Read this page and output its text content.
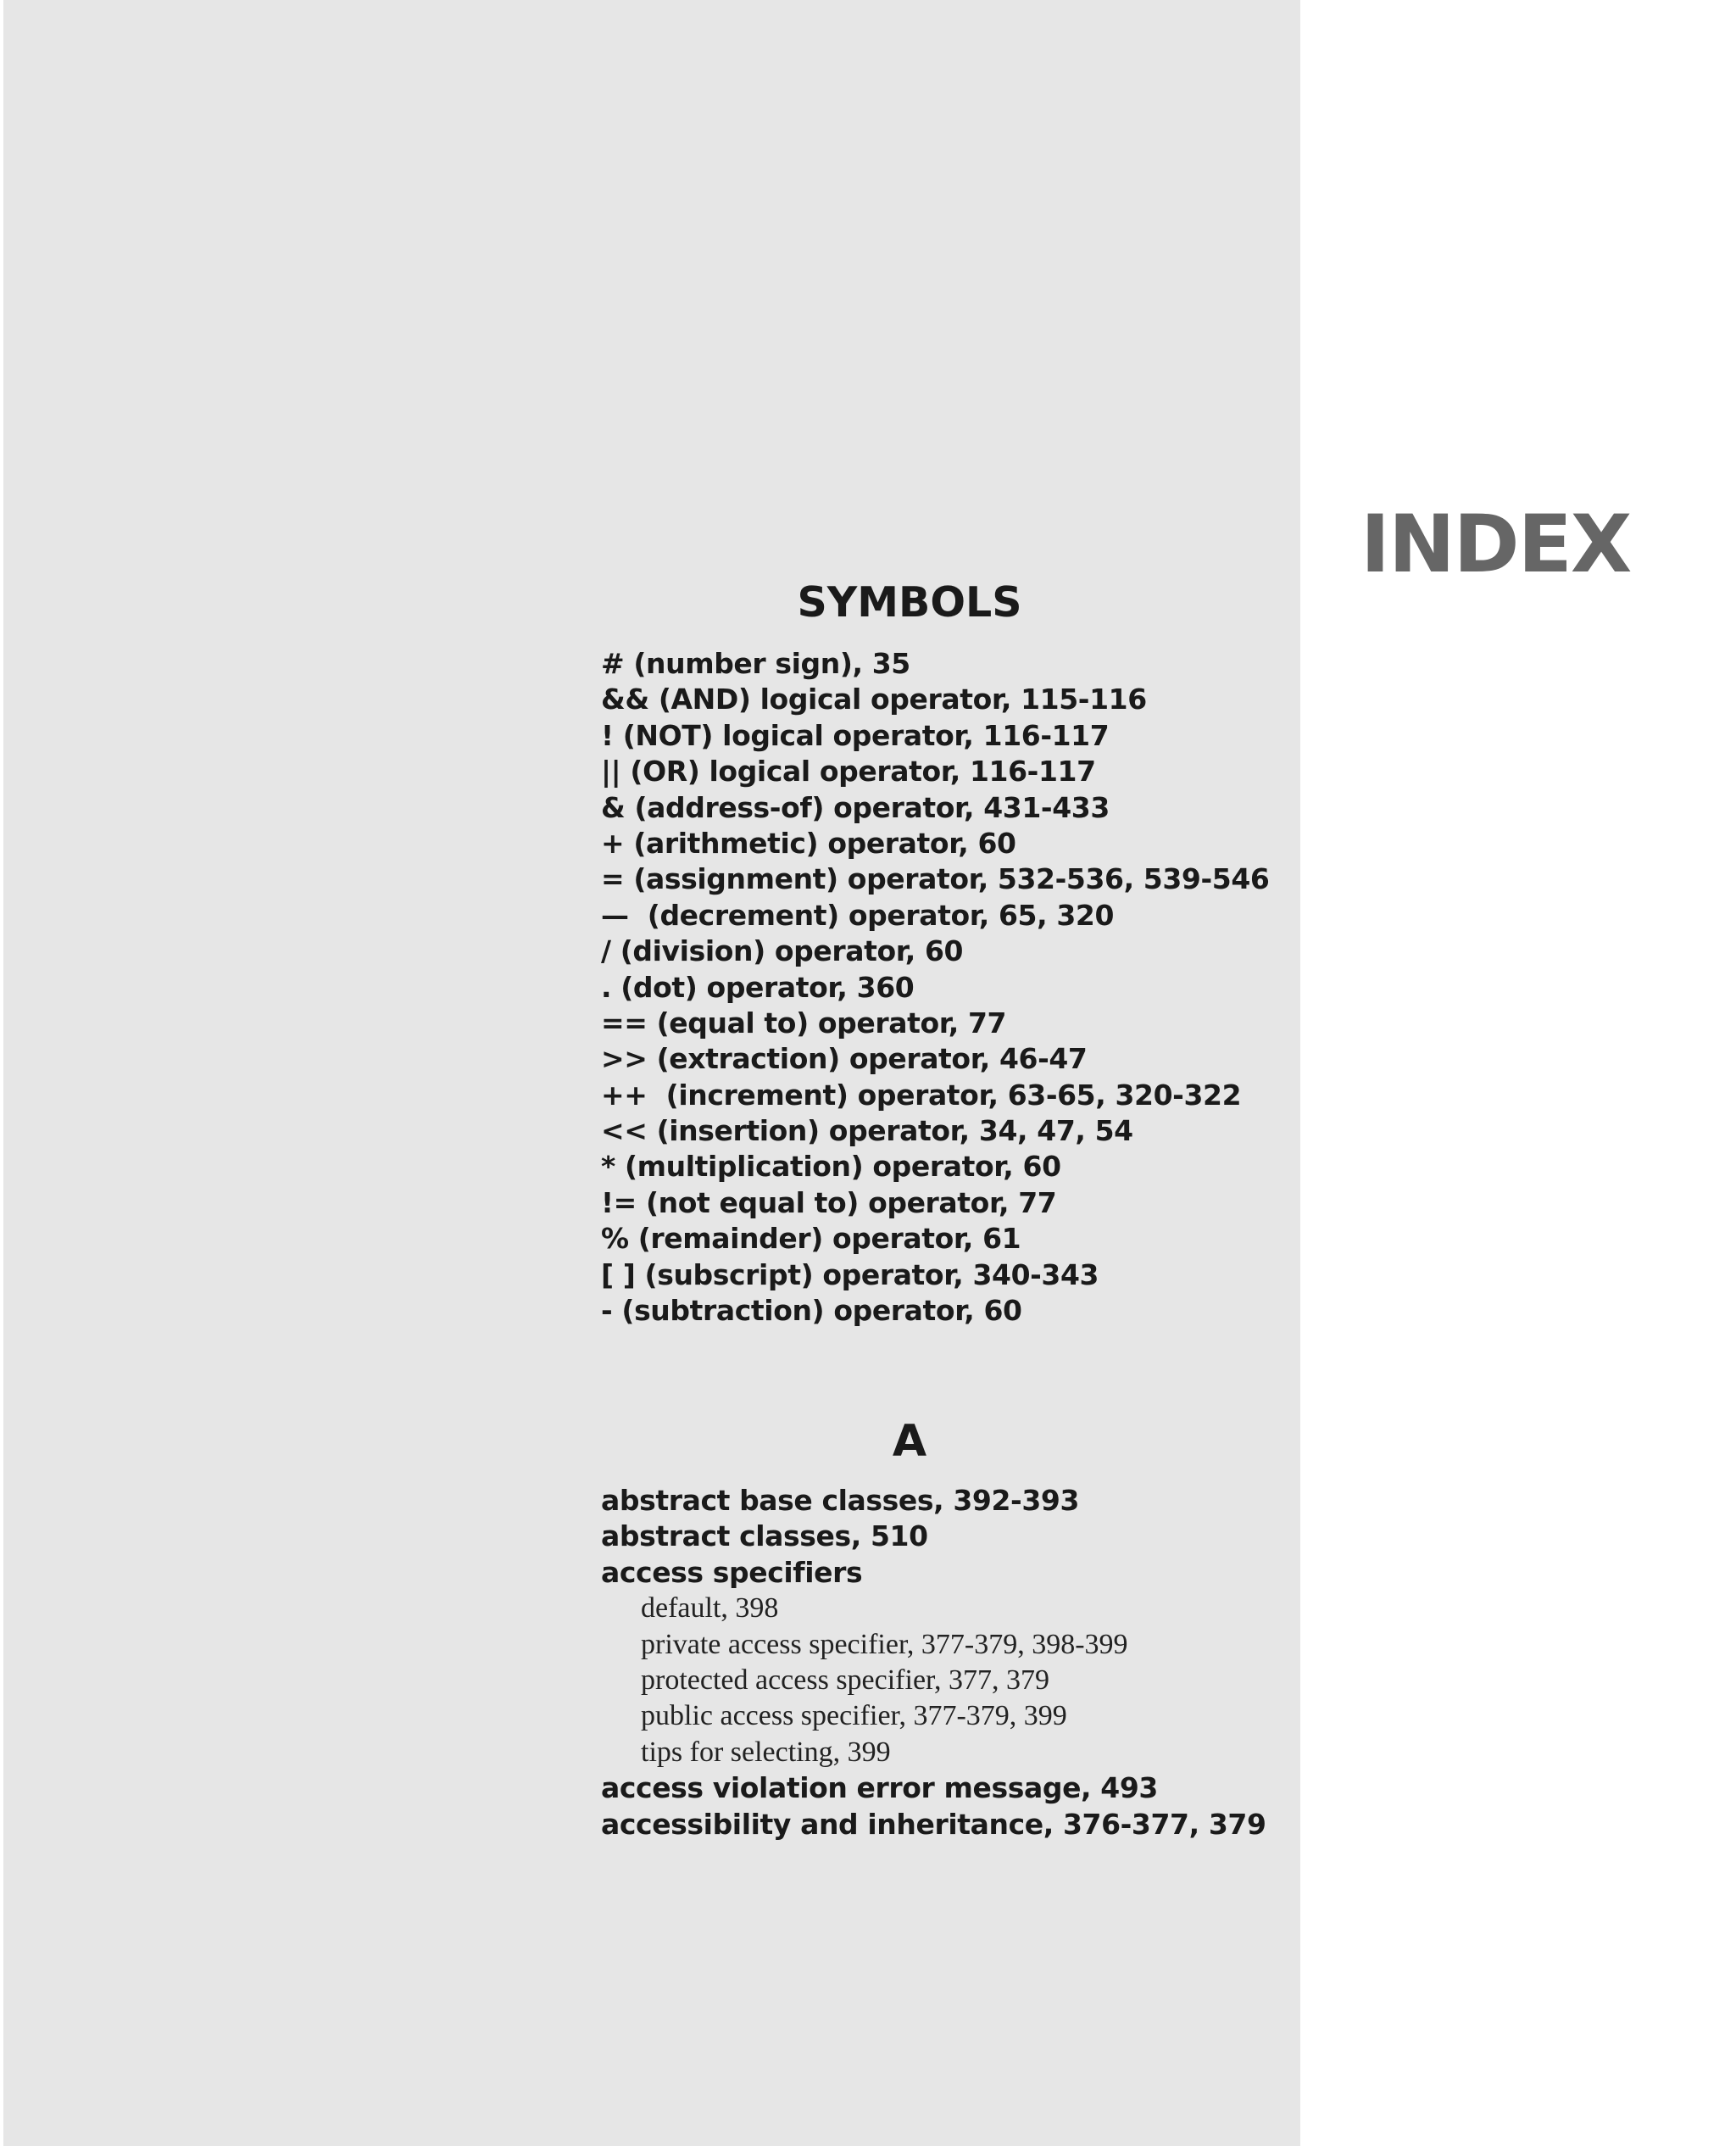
INDEX
SYMBOLS
# (number sign), 35
&& (AND) logical operator, 115-116
! (NOT) logical operator, 116-117
|| (OR) logical operator, 116-117
& (address-of) operator, 431-433
+ (arithmetic) operator, 60
= (assignment) operator, 532-536, 539-546
—  (decrement) operator, 65, 320
/ (division) operator, 60
. (dot) operator, 360
== (equal to) operator, 77
>> (extraction) operator, 46-47
++  (increment) operator, 63-65, 320-322
<< (insertion) operator, 34, 47, 54
* (multiplication) operator, 60
!= (not equal to) operator, 77
% (remainder) operator, 61
[ ] (subscript) operator, 340-343
- (subtraction) operator, 60
A
abstract base classes, 392-393
abstract classes, 510
access specifiers
default, 398
private access specifier, 377-379, 398-399
protected access specifier, 377, 379
public access specifier, 377-379, 399
tips for selecting, 399
access violation error message, 493
accessibility and inheritance, 376-377, 379
